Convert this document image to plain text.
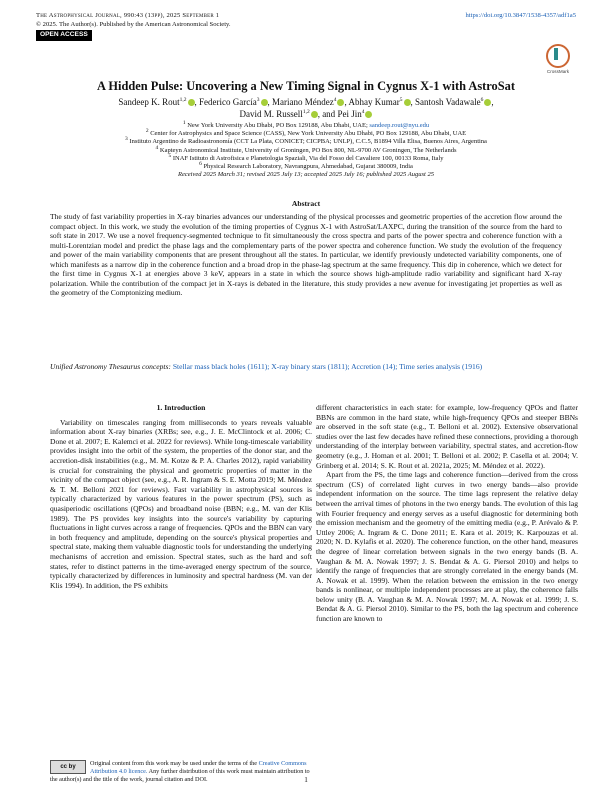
The Astrophysical Journal, 990:43 (13pp), 2025 September 1	https://doi.org/10.3847/1538-4357/adf1a5
© 2025. The Author(s). Published by the American Astronomical Society.
OPEN ACCESS
CrossMark
A Hidden Pulse: Uncovering a New Timing Signal in Cygnus X-1 with AstroSat
Sandeep K. Rout$^{1,2}$ , Federico García$^3$ , Mariano Méndez$^4$ , Abhay Kumar$^5$ , Santosh Vadawale$^6$ ,
David M. Russell$^{1,2}$ , and Pei Jin$^4$
$^1$ New York University Abu Dhabi, PO Box 129188, Abu Dhabi, UAE; sandeep.rout@nyu.edu
$^2$ Center for Astrophysics and Space Science (CASS), New York University Abu Dhabi, PO Box 129188, Abu Dhabi, UAE
$^3$ Instituto Argentino de Radioastronomía (CCT La Plata, CONICET; CICPBA; UNLP), C.C.5, B1894 Villa Elisa, Buenos Aires, Argentina
$^4$ Kapteyn Astronomical Institute, University of Groningen, PO Box 800, NL-9700 AV Groningen, The Netherlands
$^5$ INAF Istituto di Astrofisica e Planetologia Spaziali, Via del Fosso del Cavaliere 100, 00133 Roma, Italy
$^6$ Physical Research Laboratory, Navrangpura, Ahmedabad, Gujarat 380009, India
Received 2025 March 31; revised 2025 July 13; accepted 2025 July 16; published 2025 August 25
Abstract
The study of fast variability properties in X-ray binaries advances our understanding of the physical processes and geometric properties of the accretion flow around the compact object. In this work, we study the evolution of the timing properties of Cygnus X-1 with AstroSat/LAXPC, during the transition of the source from the hard to soft state in 2017. We use a novel frequency-segmented technique to fit simultaneously the cross spectra and parts of the power spectra and coherence function with a multi-Lorentzian model and predict the phase lags and the complementary parts of the power spectra and coherence function. We study the evolution of the frequency and power of the main variability components that are present throughout all the states. In particular, we identify previously undetected variability components, one of which manifests as a narrow dip in the coherence function and a broad drop in the phase-lag spectrum at the same frequency. This dip in coherence, which we detect for the first time in Cygnus X-1 at energies above 3 keV, appears in a state in which the source shows high-amplitude radio variability and significant hard X-ray polarization. While the contribution of the compact jet in X-rays is debated in the literature, this study provides a new avenue for investigating jet properties as well as the geometry of the Comptonizing medium.
Unified Astronomy Thesaurus concepts: Stellar mass black holes (1611); X-ray binary stars (1811); Accretion (14); Time series analysis (1916)
1. Introduction

Variability on timescales ranging from milliseconds to years reveals valuable information about X-ray binaries (XRBs; see, e.g., J. E. McClintock et al. 2006; C. Done et al. 2007; E. Kalemci et al. 2022 for reviews). While long-timescale variability provides insight into the orbit of the system, the properties of the donor star, and the accretion-disk instabilities (e.g., M. M. Kotze & P. A. Charles 2012), rapid variability is crucial for constraining the physical and geometric properties of matter in the vicinity of the compact object (see, e.g., A. R. Ingram & S. E. Motta 2019; M. Méndez & T. M. Belloni 2021 for reviews). Fast variability in astrophysical sources is typically characterized by various features in the power spectrum (PS), such as quasiperiodic oscillations (QPOs) and broadband noise (BBN; e.g., M. van der Klis 1989). The PS provides key insights into the source's variability by capturing fluctuations in light curves across a range of frequencies. QPOs and the BBN can vary in both frequency and amplitude, depending on the source's physical properties and spectral state, making them valuable diagnostic tools for understanding the underlying mechanisms of accretion and emission. Spectral states, such as the hard and soft states, refer to distinct patterns in the time-averaged energy spectrum of the source, typically characterized by differences in luminosity and spectral hardness (M. van der Klis 1994). In addition, the PS exhibits

different characteristics in each state: for example, low-frequency QPOs and flatter BBNs are common in the hard state, while high-frequency QPOs and steeper BBNs are observed in the soft state (e.g., T. Belloni et al. 2002). Extensive observational studies over the last few decades have refined these connections, providing a thorough understanding of the interplay between variability, spectral states, and accretion-flow geometry (e.g., J. Homan et al. 2001; T. Belloni et al. 2002; P. Casella et al. 2004; V. Grinberg et al. 2014; S. K. Rout et al. 2021a, 2025; M. Méndez et al. 2022).

Apart from the PS, the time lags and coherence function—derived from the cross spectrum (CS) of correlated light curves in two energy bands—also provide independent information on the source. The time lags represent the relative delay between the arrival times of photons in the two energy bands. The evolution of this lag with Fourier frequency and energy serves as a useful diagnostic for determining both the emission mechanism and the geometry of the emitting media (e.g., P. Arévalo & P. Uttley 2006; A. Ingram & C. Done 2011; E. Kara et al. 2019; K. Karpouzas et al. 2020; N. D. Kylafis et al. 2020). The coherence function, on the other hand, measures the degree of linear correlation between signals in the two energy bands (B. A. Vaughan & M. A. Nowak 1997; J. S. Bendat & A. G. Piersol 2010) and helps to identify the range of frequencies that are strongly correlated in the energy bands (M. A. Nowak et al. 1999). When the relation between the emission in the two energy bands is nonlinear, or multiple independent processes are at play, the coherence falls below unity (B. A. Vaughan & M. A. Nowak 1997; M. A. Nowak et al. 1999; J. S. Bendat & A. G. Piersol 2010). Similar to the PS, both the lag spectrum and coherence function are known to

cc by	Original content from this work may be used under the terms of the Creative Commons Attribution 4.0 licence. Any further distribution of this work must maintain attribution to the author(s) and the title of the work, journal citation and DOI.	1
